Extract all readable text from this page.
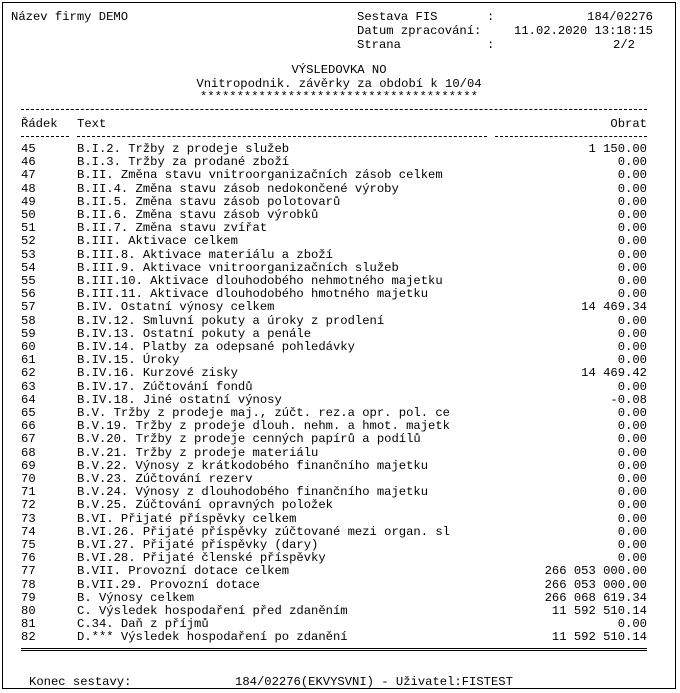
Název firmy DEMO	Sestava FIS	:	184/02276
Datum zpracování:	11.02.2020 13:18:15
Strana	:	2/2
VÝSLEDOVKA NO
Vnitropodnik. závěrky za období k 10/04
**************************************
Řádek Text	Obrat
45	B.I.2. Tržby z prodeje služeb	1 150.00
46	B.I.3. Tržby za prodané zboží	0.00
47	B.II. Změna stavu vnitroorganizačních zásob celkem	0.00
48	B.II.4. Změna stavu zásob nedokončené výroby	0.00
49	B.II.5. Změna stavu zásob polotovarů	0.00
50	B.II.6. Změna stavu zásob výrobků	0.00
51	B.II.7. Změna stavu zvířat	0.00
52	B.III. Aktivace celkem	0.00
53	B.III.8. Aktivace materiálu a zboží	0.00
54	B.III.9. Aktivace vnitroorganizačních služeb	0.00
55	B.III.10. Aktivace dlouhodobého nehmotného majetku	0.00
56	B.III.11. Aktivace dlouhodobého hmotného majetku	0.00
57	B.IV. Ostatní výnosy celkem	14 469.34
58	B.IV.12. Smluvní pokuty a úroky z prodlení	0.00
59	B.IV.13. Ostatní pokuty a penále	0.00
60	B.IV.14. Platby za odepsané pohledávky	0.00
61	B.IV.15. Úroky	0.00
62	B.IV.16. Kurzové zisky	14 469.42
63	B.IV.17. Zúčtování fondů	0.00
64	B.IV.18. Jiné ostatní výnosy	-0.08
65	B.V. Tržby z prodeje maj., zúčt. rez.a opr. pol. ce	0.00
66	B.V.19. Tržby z prodeje dlouh. nehm. a hmot. majetk	0.00
67	B.V.20. Tržby z prodeje cenných papírů a podílů	0.00
68	B.V.21. Tržby z prodeje materiálu	0.00
69	B.V.22. Výnosy z krátkodobého finančního majetku	0.00
70	B.V.23. Zúčtování rezerv	0.00
71	B.V.24. Výnosy z dlouhodobého finančního majetku	0.00
72	B.V.25. Zúčtování opravných položek	0.00
73	B.VI. Přijaté příspěvky celkem	0.00
74	B.VI.26. Přijaté příspěvky zúčtované mezi organ. sl	0.00
75	B.VI.27. Přijaté příspěvky (dary)	0.00
76	B.VI.28. Přijaté členské příspěvky	0.00
77	B.VII. Provozní dotace celkem	266 053 000.00
78	B.VII.29. Provozní dotace	266 053 000.00
79	B. Výnosy celkem	266 068 619.34
80	C. Výsledek hospodaření před zdaněním	11 592 510.14
81	C.34. Daň z příjmů	0.00
82	D.*** Výsledek hospodaření po zdanění	11 592 510.14
Konec sestavy:	184/02276(EKVYSVNI) - Uživatel:FISTEST
